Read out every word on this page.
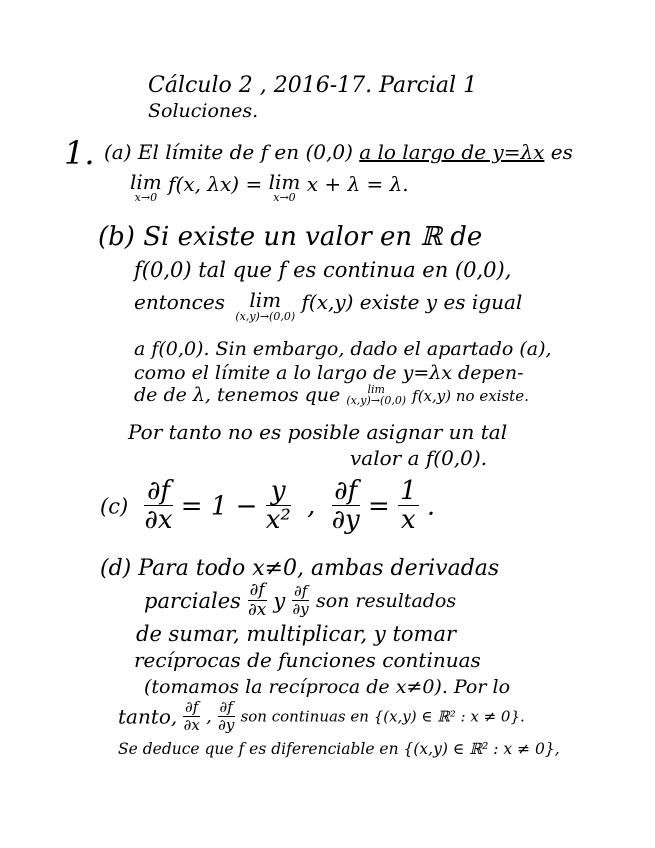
Cálculo 2 , 2016-17. Parcial 1
Soluciones.
1. (a) El límite de f en (0,0) a lo largo de y=λx es
lim
x→0
f(x, λx) = lim
x→0
x + λ = λ.
(b) Si existe un valor en ℝ de
f(0,0) tal que f es continua en (0,0),
entonces	lim
(x,y)→(0,0)
f(x,y) existe y es igual
a f(0,0). Sin embargo, dado el apartado (a),
como el límite a lo largo de y=λx depen-
de de λ, tenemos que	lim
(x,y)→(0,0) f(x,y) no existe.
Por tanto no es posible asignar un tal
valor a f(0,0).
$(c) \frac{\partial f}{\partial x} = 1 - \frac{y}{\text{x²}}$ , $\frac{\partial f}{\partial y} = \frac{1}{x}$ .
(d) Para todo x≠0, ambas derivadas
parciales $\frac{\partial f}{\partial x}$ y $\frac{\partial f}{\partial y}$ son resultados
de sumar, multiplicar, y tomar
recíprocas de funciones continuas
(tomamos la recíproca de x≠0). Por lo
tanto, $\frac{\partial f}{\partial x}$ , $\frac{\partial f}{\partial y}$ son continuas en {(x,y) ∈ ℝ² : x ≠ 0}.
Se deduce que f es diferenciable en {(x,y) ∈ ℝ² : x ≠ 0},
